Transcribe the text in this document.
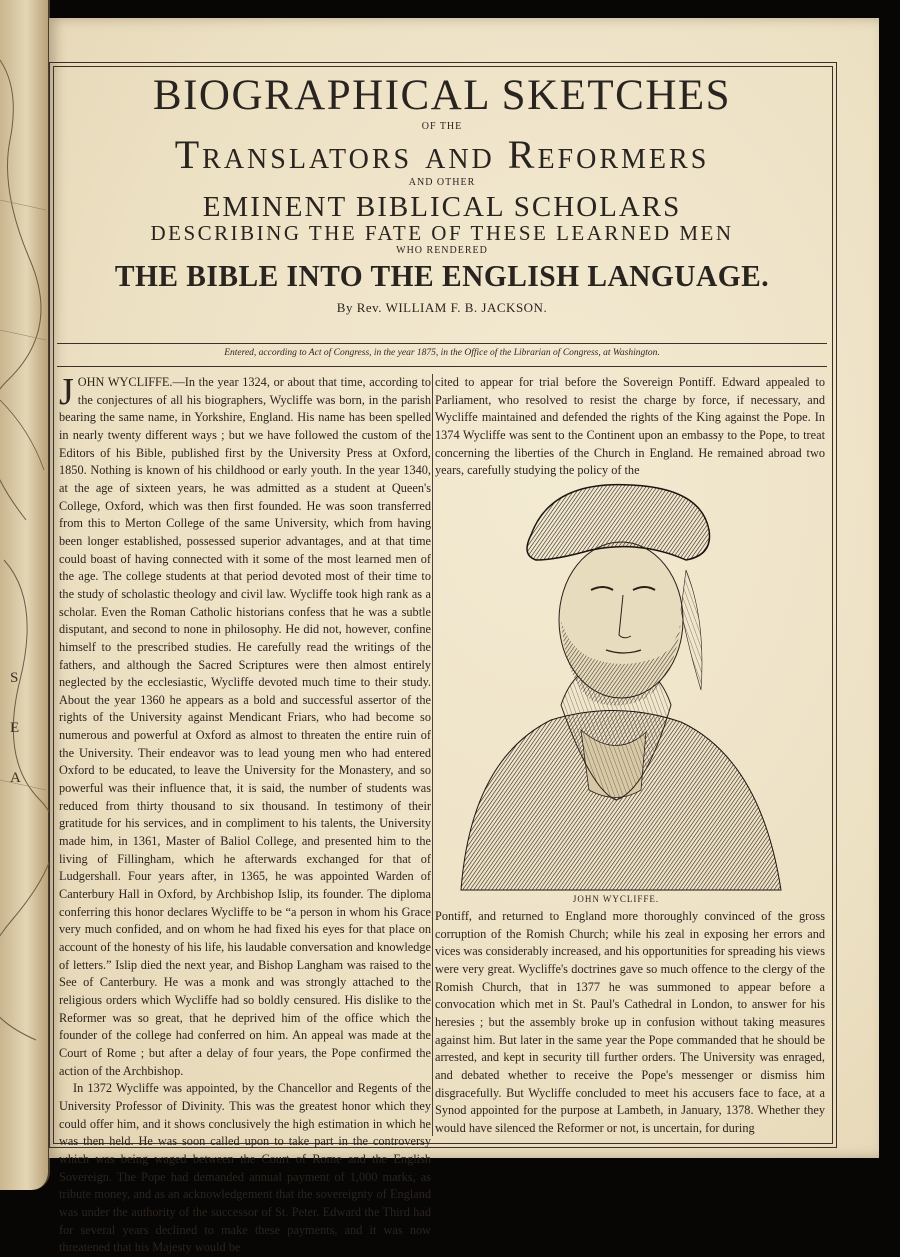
S
E
A
BIOGRAPHICAL SKETCHES
OF THE
Translators and Reformers
AND OTHER
EMINENT BIBLICAL SCHOLARS
DESCRIBING THE FATE OF THESE LEARNED MEN
WHO RENDERED
THE BIBLE INTO THE ENGLISH LANGUAGE.
By Rev. WILLIAM F. B. JACKSON.
Entered, according to Act of Congress, in the year 1875, in the Office of the Librarian of Congress, at Washington.

JOHN WYCLIFFE.—In the year 1324, or about that time, according to the conjectures of all his biographers, Wycliffe was born, in the parish bearing the same name, in Yorkshire, England. His name has been spelled in nearly twenty different ways ; but we have followed the custom of the Editors of his Bible, published first by the University Press at Oxford, 1850. Nothing is known of his childhood or early youth. In the year 1340, at the age of sixteen years, he was admitted as a student at Queen's College, Oxford, which was then first founded. He was soon transferred from this to Merton College of the same University, which from having been longer established, possessed superior advantages, and at that time could boast of having connected with it some of the most learned men of the age. The college students at that period devoted most of their time to the study of scholastic theology and civil law. Wycliffe took high rank as a scholar. Even the Roman Catholic historians confess that he was a subtle disputant, and second to none in philosophy. He did not, however, confine himself to the prescribed studies. He carefully read the writings of the fathers, and although the Sacred Scriptures were then almost entirely neglected by the ecclesiastic, Wycliffe devoted much time to their study. About the year 1360 he appears as a bold and successful assertor of the rights of the University against Mendicant Friars, who had become so numerous and powerful at Oxford as almost to threaten the entire ruin of the University. Their endeavor was to lead young men who had entered Oxford to be educated, to leave the University for the Monastery, and so powerful was their influence that, it is said, the number of students was reduced from thirty thousand to six thousand. In testimony of their gratitude for his services, and in compliment to his talents, the University made him, in 1361, Master of Baliol College, and presented him to the living of Fillingham, which he afterwards exchanged for that of Ludgershall. Four years after, in 1365, he was appointed Warden of Canterbury Hall in Oxford, by Archbishop Islip, its founder. The diploma conferring this honor declares Wycliffe to be “a person in whom his Grace very much confided, and on whom he had fixed his eyes for that place on account of the honesty of his life, his laudable conversation and knowledge of letters.” Islip died the next year, and Bishop Langham was raised to the See of Canterbury. He was a monk and was strongly attached to the religious orders which Wycliffe had so boldly censured. His dislike to the Reformer was so great, that he deprived him of the office which the founder of the college had conferred on him. An appeal was made at the Court of Rome ; but after a delay of four years, the Pope confirmed the action of the Archbishop.

In 1372 Wycliffe was appointed, by the Chancellor and Regents of the University Professor of Divinity. This was the greatest honor which they could offer him, and it shows conclusively the high estimation in which he was then held. He was soon called upon to take part in the controversy which was being waged between the Court of Rome and the English Sovereign. The Pope had demanded annual payment of 1,000 marks, as tribute money, and as an acknowledgement that the sovereignty of England was under the authority of the successor of St. Peter. Edward the Third had for several years declined to make these payments, and it was now threatened that his Majesty would be

cited to appear for trial before the Sovereign Pontiff. Edward appealed to Parliament, who resolved to resist the charge by force, if necessary, and Wycliffe maintained and defended the rights of the King against the Pope. In 1374 Wycliffe was sent to the Continent upon an embassy to the Pope, to treat concerning the liberties of the Church in England. He remained abroad two years, carefully studying the policy of the
JOHN WYCLIFFE.
Pontiff, and returned to England more thoroughly convinced of the gross corruption of the Romish Church; while his zeal in exposing her errors and vices was considerably increased, and his opportunities for spreading his views were very great. Wycliffe's doctrines gave so much offence to the clergy of the Romish Church, that in 1377 he was summoned to appear before a convocation which met in St. Paul's Cathedral in London, to answer for his heresies ; but the assembly broke up in confusion without taking measures against him. But later in the same year the Pope commanded that he should be arrested, and kept in security till further orders. The University was enraged, and debated whether to receive the Pope's messenger or dismiss him disgracefully. But Wycliffe concluded to meet his accusers face to face, at a Synod appointed for the purpose at Lambeth, in January, 1378. Whether they would have silenced the Reformer or not, is uncertain, for during
